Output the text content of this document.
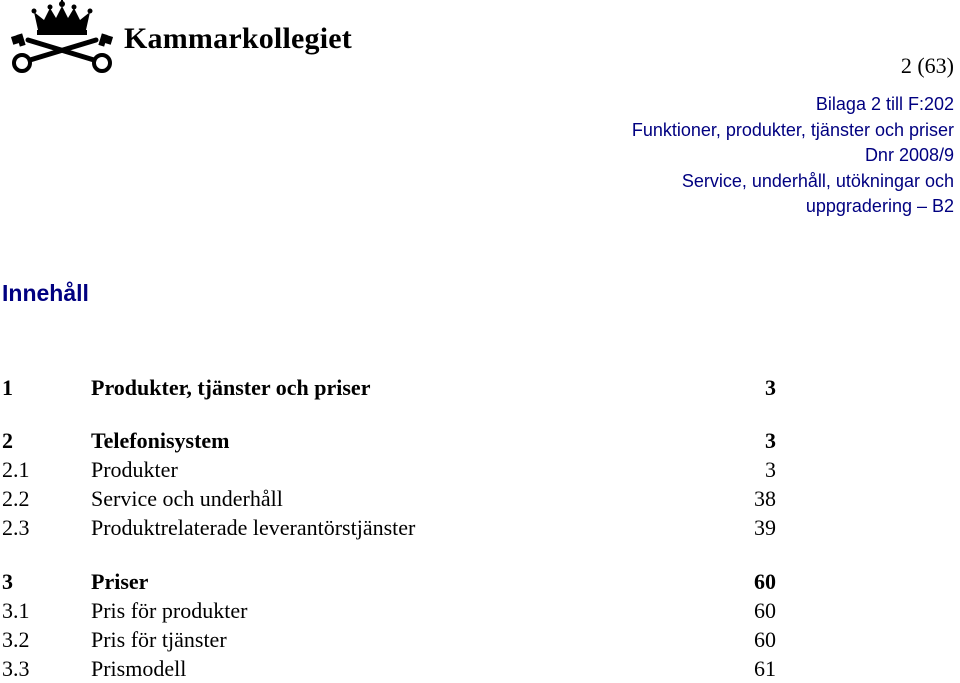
Kammarkollegiet
2 (63)
Bilaga 2 till F:202
Funktioner, produkter, tjänster och priser
Dnr 2008/9
Service, underhåll, utökningar och
uppgradering – B2
Innehåll
1	Produkter, tjänster och priser	3
2	Telefonisystem	3
2.1	Produkter	3
2.2	Service och underhåll	38
2.3	Produktrelaterade leverantörstjänster	39
3	Priser	60
3.1	Pris för produkter	60
3.2	Pris för tjänster	60
3.3	Prismodell	61
